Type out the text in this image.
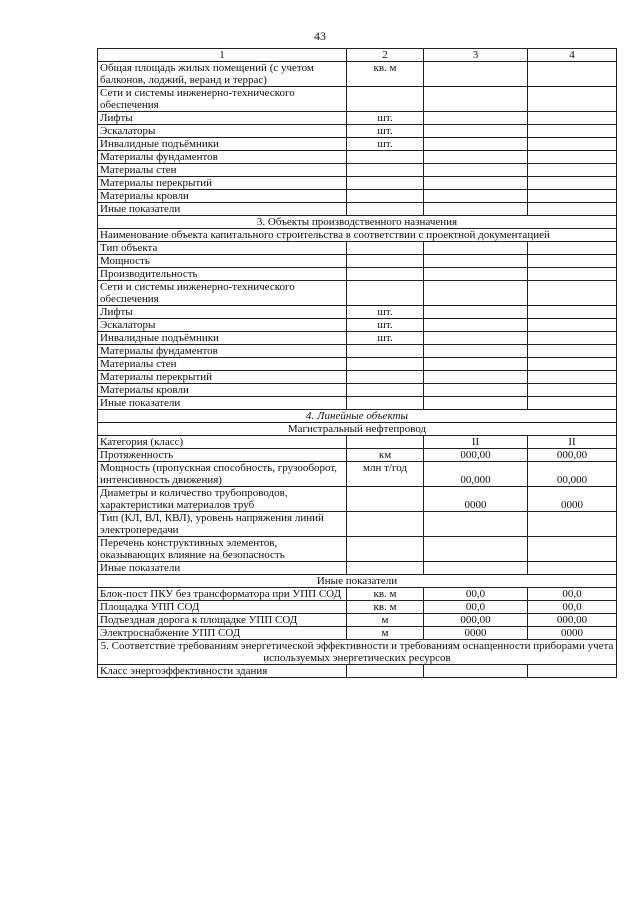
43
1	2	3	4
Общая площадь жилых помещений (с учетом балконов, лоджий, веранд и террас)	кв. м		
Сети и системы инженерно-технического обеспечения			
Лифты	шт.		
Эскалаторы	шт.		
Инвалидные подъёмники	шт.		
Материалы фундаментов			
Материалы стен			
Материалы перекрытий			
Материалы кровли			
Иные показатели			
3. Объекты производственного назначения			
Наименование объекта капитального строительства в соответствии с проектной документацией			
Тип объекта			
Мощность			
Производительность			
Сети и системы инженерно-технического обеспечения			
Лифты	шт.		
Эскалаторы	шт.		
Инвалидные подъёмники	шт.		
Материалы фундаментов			
Материалы стен			
Материалы перекрытий			
Материалы кровли			
Иные показатели			
4. Линейные объекты			
Магистральный нефтепровод			
Категория (класс)		II	II
Протяженность	км	000,00	000,00
Мощность (пропускная способность, грузооборот, интенсивность движения)	млн т/год	00,000	00,000
Диаметры и количество трубопроводов, характеристики материалов труб		0000	0000
Тип (КЛ, ВЛ, КВЛ), уровень напряжения линий электропередачи			
Перечень конструктивных элементов, оказывающих влияние на безопасность			
Иные показатели			
Иные показатели			
Блок-пост ПКУ без трансформатора при УПП СОД	кв. м	00,0	00,0
Площадка УПП СОД	кв. м	00,0	00,0
Подъездная дорога к площадке УПП СОД	м	000,00	000,00
Электроснабжение УПП СОД	м	0000	0000
5. Соответствие требованиям энергетической эффективности и требованиям оснащенности приборами учета используемых энергетических ресурсов			
Класс энергоэффективности здания			
